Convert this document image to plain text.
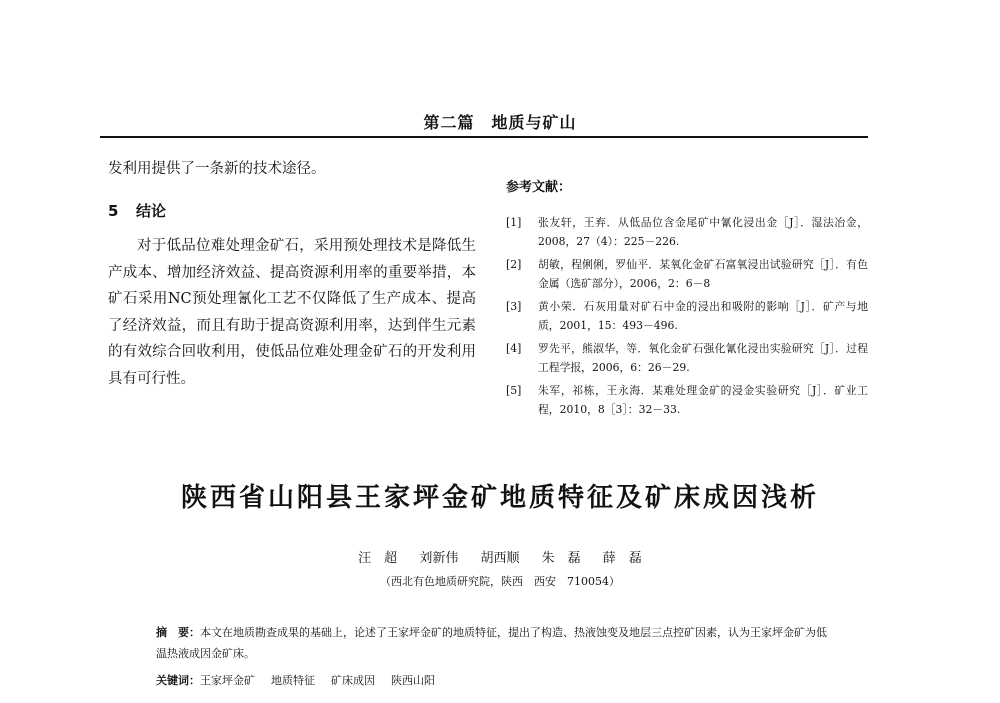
第二篇　地质与矿山

发利用提供了一条新的技术途径。

5 结论

对于低品位难处理金矿石，采用预处理技术是降低生产成本、增加经济效益、提高资源利用率的重要举措，本矿石采用NC预处理氰化工艺不仅降低了生产成本、提高了经济效益，而且有助于提高资源利用率，达到伴生元素的有效综合回收利用，使低品位难处理金矿石的开发利用具有可行性。

参考文献：
[1] 张友轩，王弃．从低品位含金尾矿中氰化浸出金［J］．湿法冶金，2008，27（4）：225－226.
[2] 胡敏，程俐俐，罗仙平．某氧化金矿石富氧浸出试验研究［J］．有色金属（选矿部分），2006，2：6－8
[3] 黄小荣．石灰用量对矿石中金的浸出和吸附的影响［J］．矿产与地质，2001，15：493－496.
[4] 罗先平，熊淑华，等．氧化金矿石强化氰化浸出实验研究［J］．过程工程学报，2006，6：26－29.
[5] 朱军，祁栋，王永海．某难处理金矿的浸金实验研究［J］．矿业工程，2010，8［3］：32－33.
陕西省山阳县王家坪金矿地质特征及矿床成因浅析
汪　超 刘新伟 胡西顺 朱　磊 薛　磊
（西北有色地质研究院，陕西　西安　710054）

摘　要：本文在地质勘查成果的基础上，论述了王家坪金矿的地质特征，提出了构造、热液蚀变及地层三点控矿因素，认为王家坪金矿为低温热液成因金矿床。

关键词：王家坪金矿 地质特征 矿床成因 陕西山阳
